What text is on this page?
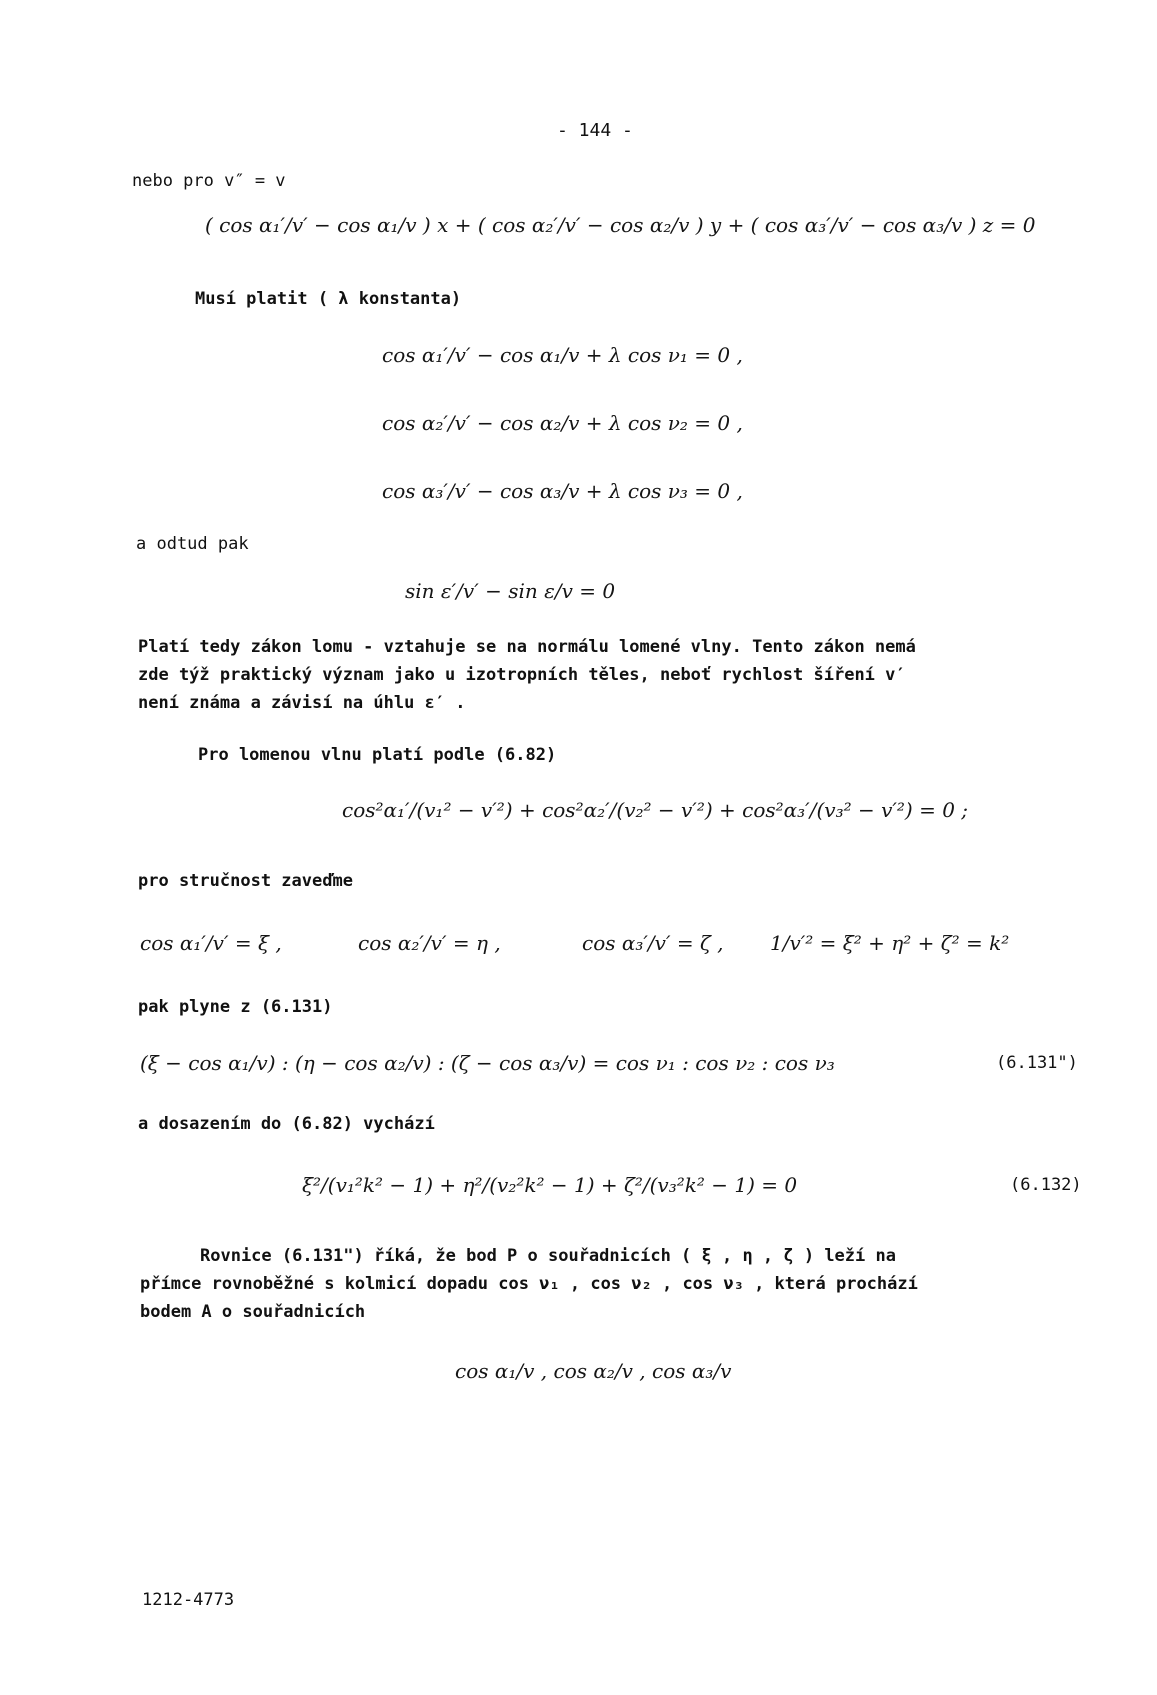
- 144 -
nebo pro v″ = v
( cos α₁′/v′ − cos α₁/v ) x + ( cos α₂′/v′ − cos α₂/v ) y + ( cos α₃′/v′ − cos α₃/v ) z = 0
Musí platit ( λ konstanta)
cos α₁′/v′ − cos α₁/v + λ cos ν₁ = 0 ,
cos α₂′/v′ − cos α₂/v + λ cos ν₂ = 0 ,
cos α₃′/v′ − cos α₃/v + λ cos ν₃ = 0 ,
a odtud pak
sin ε′/v′ − sin ε/v = 0
Platí tedy zákon lomu - vztahuje se na normálu lomené vlny. Tento zákon nemá
zde týž praktický význam jako u izotropních těles, neboť rychlost šíření v′
není známa a závisí na úhlu ε′ .
Pro lomenou vlnu platí podle (6.82)
cos²α₁′/(v₁² − v′²) + cos²α₂′/(v₂² − v′²) + cos²α₃′/(v₃² − v′²) = 0 ;
pro stručnost zaveďme
cos α₁′/v′ = ξ ,	cos α₂′/v′ = η ,	cos α₃′/v′ = ζ , 1/v′² = ξ² + η² + ζ² = k²
pak plyne z (6.131)
(ξ − cos α₁/v) : (η − cos α₂/v) : (ζ − cos α₃/v) = cos ν₁ : cos ν₂ : cos ν₃	(6.131")
a dosazením do (6.82) vychází
ξ²/(v₁²k² − 1) + η²/(v₂²k² − 1) + ζ²/(v₃²k² − 1) = 0	(6.132)
Rovnice (6.131") říká, že bod P o souřadnicích ( ξ , η , ζ ) leží na
přímce rovnoběžné s kolmicí dopadu cos ν₁ , cos ν₂ , cos ν₃ , která prochází
bodem A o souřadnicích
cos α₁/v , cos α₂/v , cos α₃/v
1212-4773
